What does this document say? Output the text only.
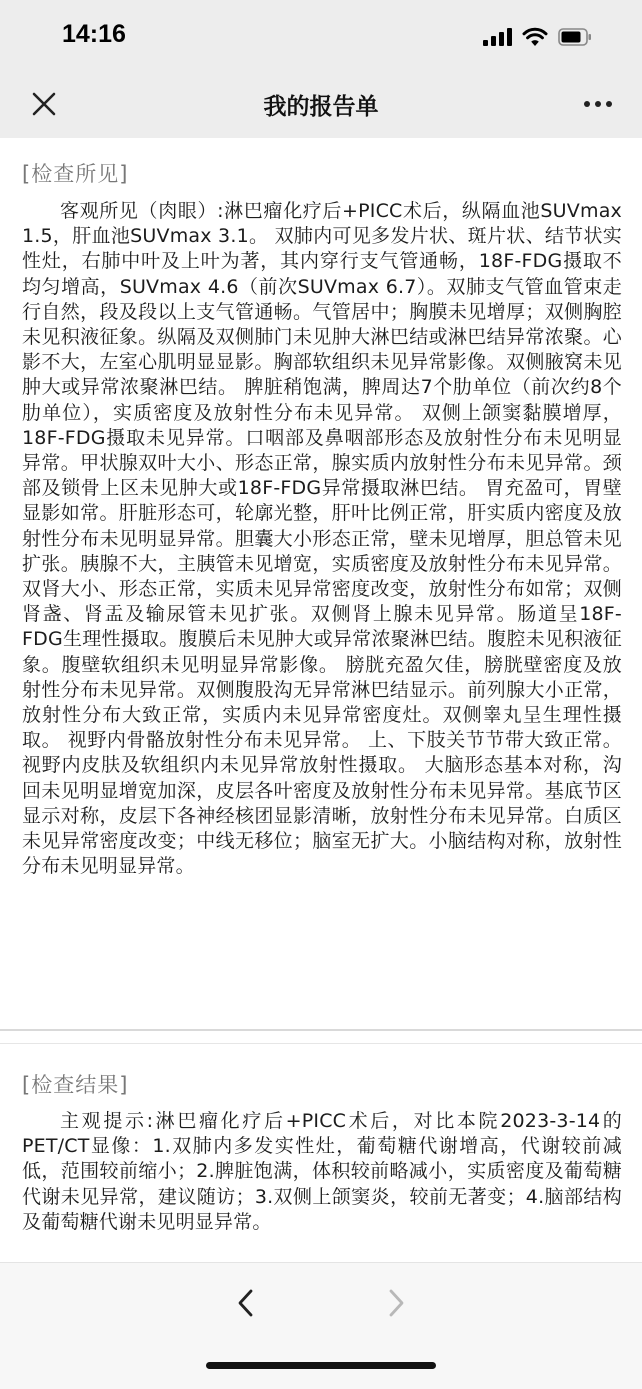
14:16
我的报告单
[检查所见]
客观所见（肉眼）:淋巴瘤化疗后+PICC术后，纵隔血池SUVmax 1.5，肝血池SUVmax 3.1。 双肺内可见多发片状、斑片状、结节状实性灶，右肺中叶及上叶为著，其内穿行支气管通畅，18F-FDG摄取不均匀增高，SUVmax 4.6（前次SUVmax 6.7）。双肺支气管血管束走行自然，段及段以上支气管通畅。气管居中；胸膜未见增厚；双侧胸腔未见积液征象。纵隔及双侧肺门未见肿大淋巴结或淋巴结异常浓聚。心影不大，左室心肌明显显影。胸部软组织未见异常影像。双侧腋窝未见肿大或异常浓聚淋巴结。 脾脏稍饱满，脾周达7个肋单位（前次约8个肋单位），实质密度及放射性分布未见异常。 双侧上颌窦黏膜增厚，18F-FDG摄取未见异常。口咽部及鼻咽部形态及放射性分布未见明显异常。甲状腺双叶大小、形态正常，腺实质内放射性分布未见异常。颈部及锁骨上区未见肿大或18F-FDG异常摄取淋巴结。 胃充盈可，胃壁显影如常。肝脏形态可，轮廓光整，肝叶比例正常，肝实质内密度及放射性分布未见明显异常。胆囊大小形态正常，壁未见增厚，胆总管未见扩张。胰腺不大，主胰管未见增宽，实质密度及放射性分布未见异常。双肾大小、形态正常，实质未见异常密度改变，放射性分布如常；双侧肾盏、肾盂及输尿管未见扩张。双侧肾上腺未见异常。肠道呈18F-FDG生理性摄取。腹膜后未见肿大或异常浓聚淋巴结。腹腔未见积液征象。腹壁软组织未见明显异常影像。 膀胱充盈欠佳，膀胱壁密度及放射性分布未见异常。双侧腹股沟无异常淋巴结显示。前列腺大小正常，放射性分布大致正常，实质内未见异常密度灶。双侧睾丸呈生理性摄取。 视野内骨骼放射性分布未见异常。 上、下肢关节节带大致正常。视野内皮肤及软组织内未见异常放射性摄取。 大脑形态基本对称，沟回未见明显增宽加深，皮层各叶密度及放射性分布未见异常。基底节区显示对称，皮层下各神经核团显影清晰，放射性分布未见异常。白质区未见异常密度改变；中线无移位；脑室无扩大。小脑结构对称，放射性分布未见明显异常。
[检查结果]
主观提示:淋巴瘤化疗后+PICC术后，对比本院2023-3-14的PET/CT显像：1.双肺内多发实性灶，葡萄糖代谢增高，代谢较前减低，范围较前缩小；2.脾脏饱满，体积较前略减小，实质密度及葡萄糖代谢未见异常，建议随访；3.双侧上颌窦炎，较前无著变；4.脑部结构及葡萄糖代谢未见明显异常。
